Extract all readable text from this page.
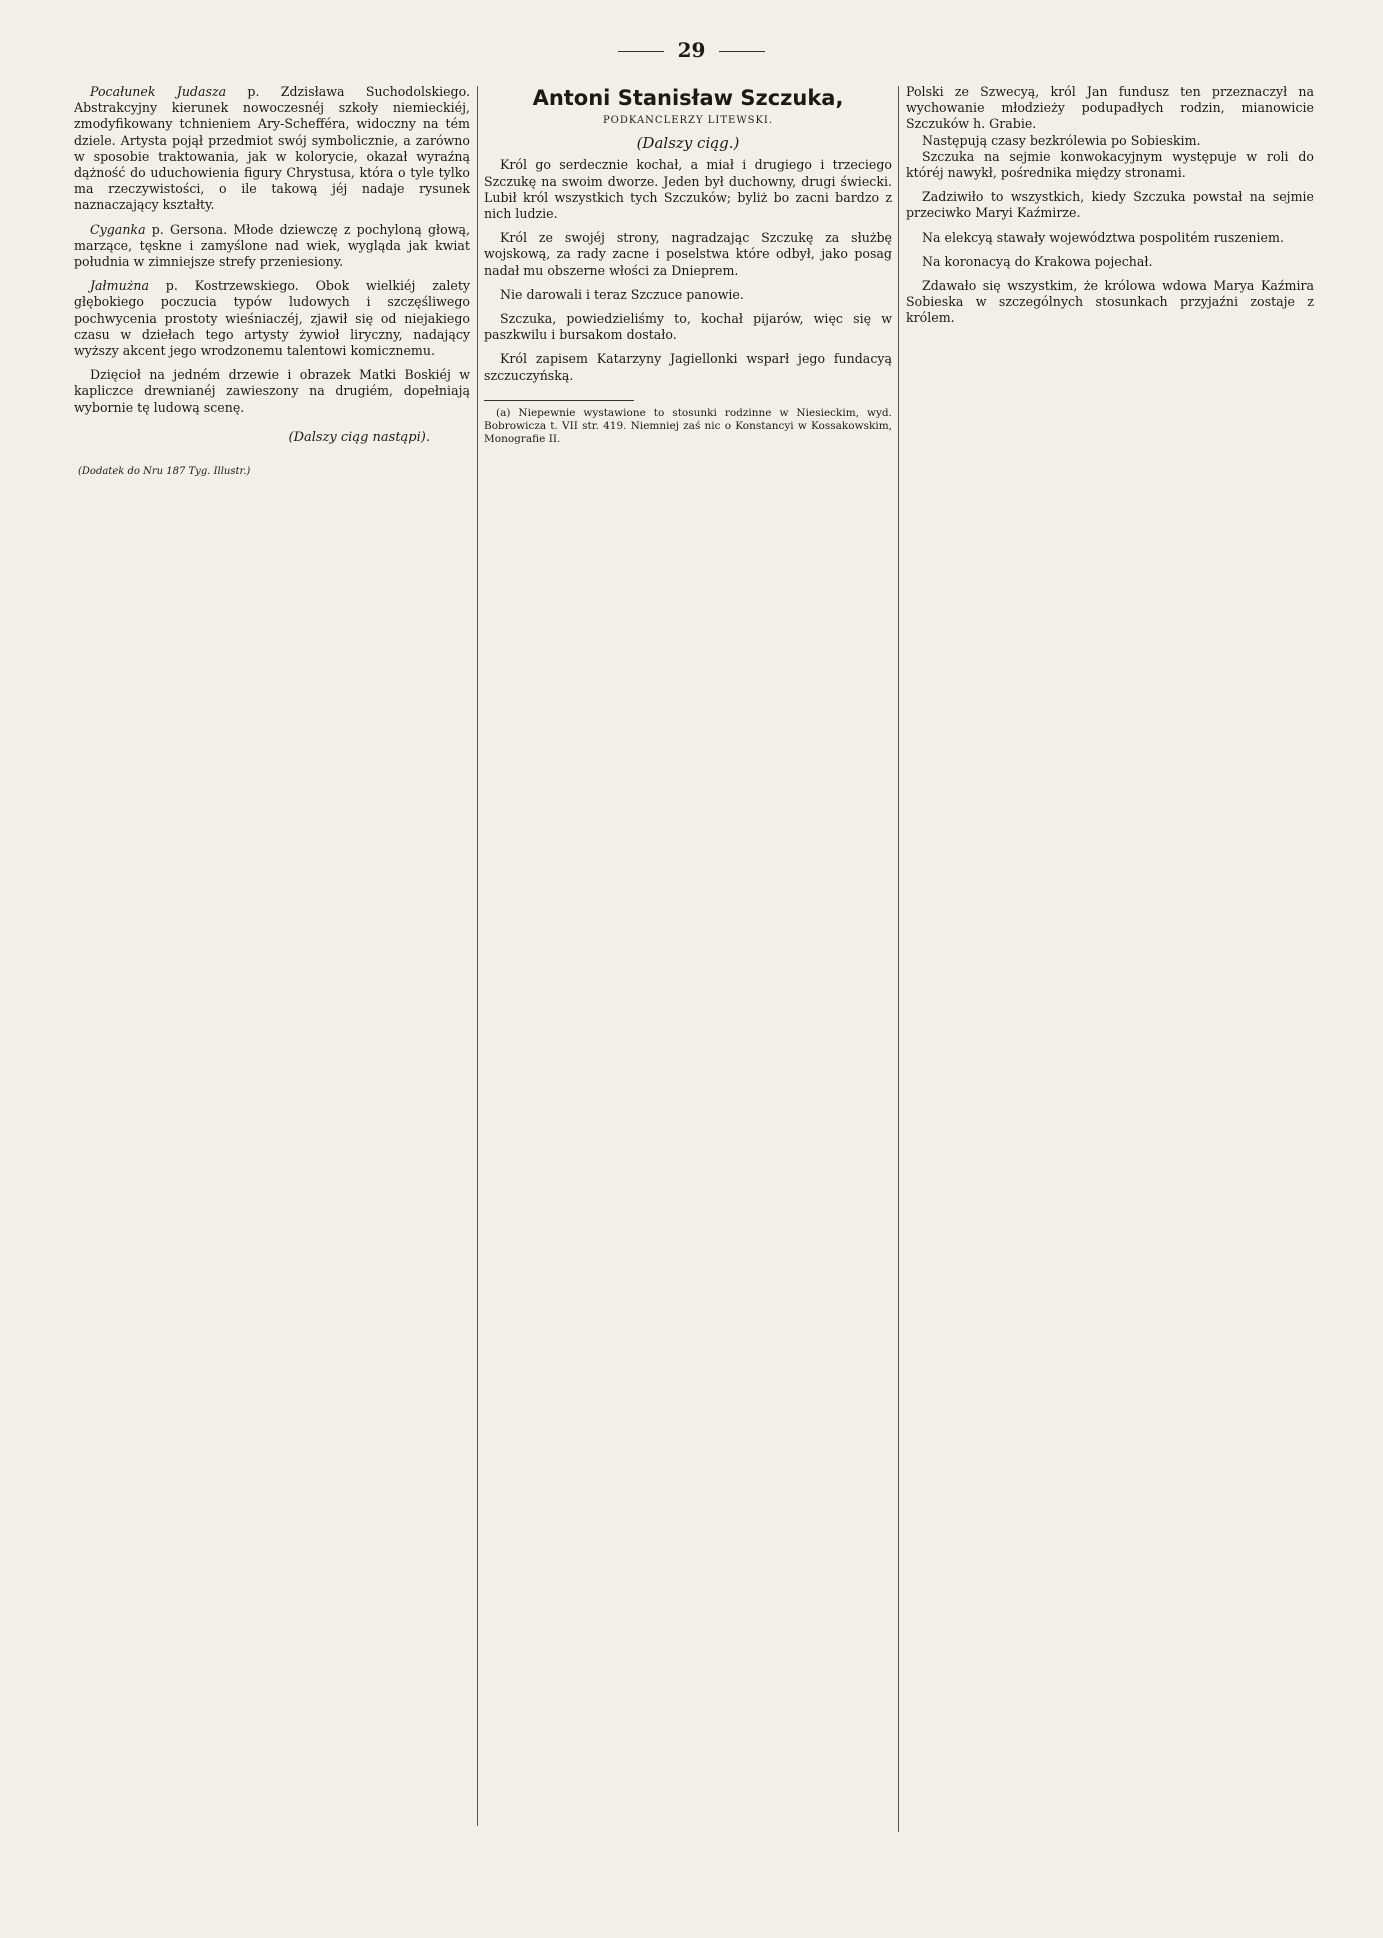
29

Pocałunek Judasza p. Zdzisława Suchodolskiego. Abstrakcyjny kierunek nowoczesnéj szkoły niemieckiéj, zmodyfikowany tchnieniem Ary-Schefféra, widoczny na tém dziele. Artysta pojął przedmiot swój symbolicznie, a zarówno w sposobie traktowania, jak w kolorycie, okazał wyraźną dążność do uduchowienia figury Chrystusa, która o tyle tylko ma rzeczywistości, o ile takową jéj nadaje rysunek naznaczający kształty.

Cyganka p. Gersona. Młode dziewczę z pochyloną głową, marzące, tęskne i zamyślone nad wiek, wygląda jak kwiat południa w zimniejsze strefy przeniesiony.

Jałmużna p. Kostrzewskiego. Obok wielkiéj zalety głębokiego poczucia typów ludowych i szczęśliwego pochwycenia prostoty wieśniaczéj, zjawił się od niejakiego czasu w dziełach tego artysty żywioł liryczny, nadający wyższy akcent jego wrodzonemu talentowi komicznemu.

Dzięcioł na jedném drzewie i obrazek Matki Boskiéj w kapliczce drewnianéj zawieszony na drugiém, dopełniają wybornie tę ludową scenę.

(Dalszy ciąg nastąpi).
(Dodatek do Nru 187 Tyg. Illustr.)
Antoni Stanisław Szczuka,
PODKANCLERZY LITEWSKI.
(Dalszy ciąg.)

Król go serdecznie kochał, a miał i drugiego i trzeciego Szczukę na swoim dworze. Jeden był duchowny, drugi świecki. Lubił król wszystkich tych Szczuków; byliż bo zacni bardzo z nich ludzie.

Król ze swojéj strony, nagradzając Szczukę za służbę wojskową, za rady zacne i poselstwa które odbył, jako posag nadał mu obszerne włości za Dnieprem.

Nie darowali i teraz Szczuce panowie.

Szczuka, powiedzieliśmy to, kochał pijarów, więc się w paszkwilu i bursakom dostało.

Król zapisem Katarzyny Jagiellonki wsparł jego fundacyą szczuczyńską.

(a) Niepewnie wystawione to stosunki rodzinne w Niesieckim, wyd. Bobrowicza t. VII str. 419. Niemniej zaś nic o Konstancyi w Kossakowskim, Monografie II.

Polski ze Szwecyą, król Jan fundusz ten przeznaczył na wychowanie młodzieży podupadłych rodzin, mianowicie Szczuków h. Grabie.

Następują czasy bezkrólewia po Sobieskim.

Szczuka na sejmie konwokacyjnym występuje w roli do któréj nawykł, pośrednika między stronami.

Zadziwiło to wszystkich, kiedy Szczuka powstał na sejmie przeciwko Maryi Kaźmirze.

Na elekcyą stawały województwa pospolitém ruszeniem.

Na koronacyą do Krakowa pojechał.

Zdawało się wszystkim, że królowa wdowa Marya Kaźmira Sobieska w szczególnych stosunkach przyjaźni zostaje z królem.
